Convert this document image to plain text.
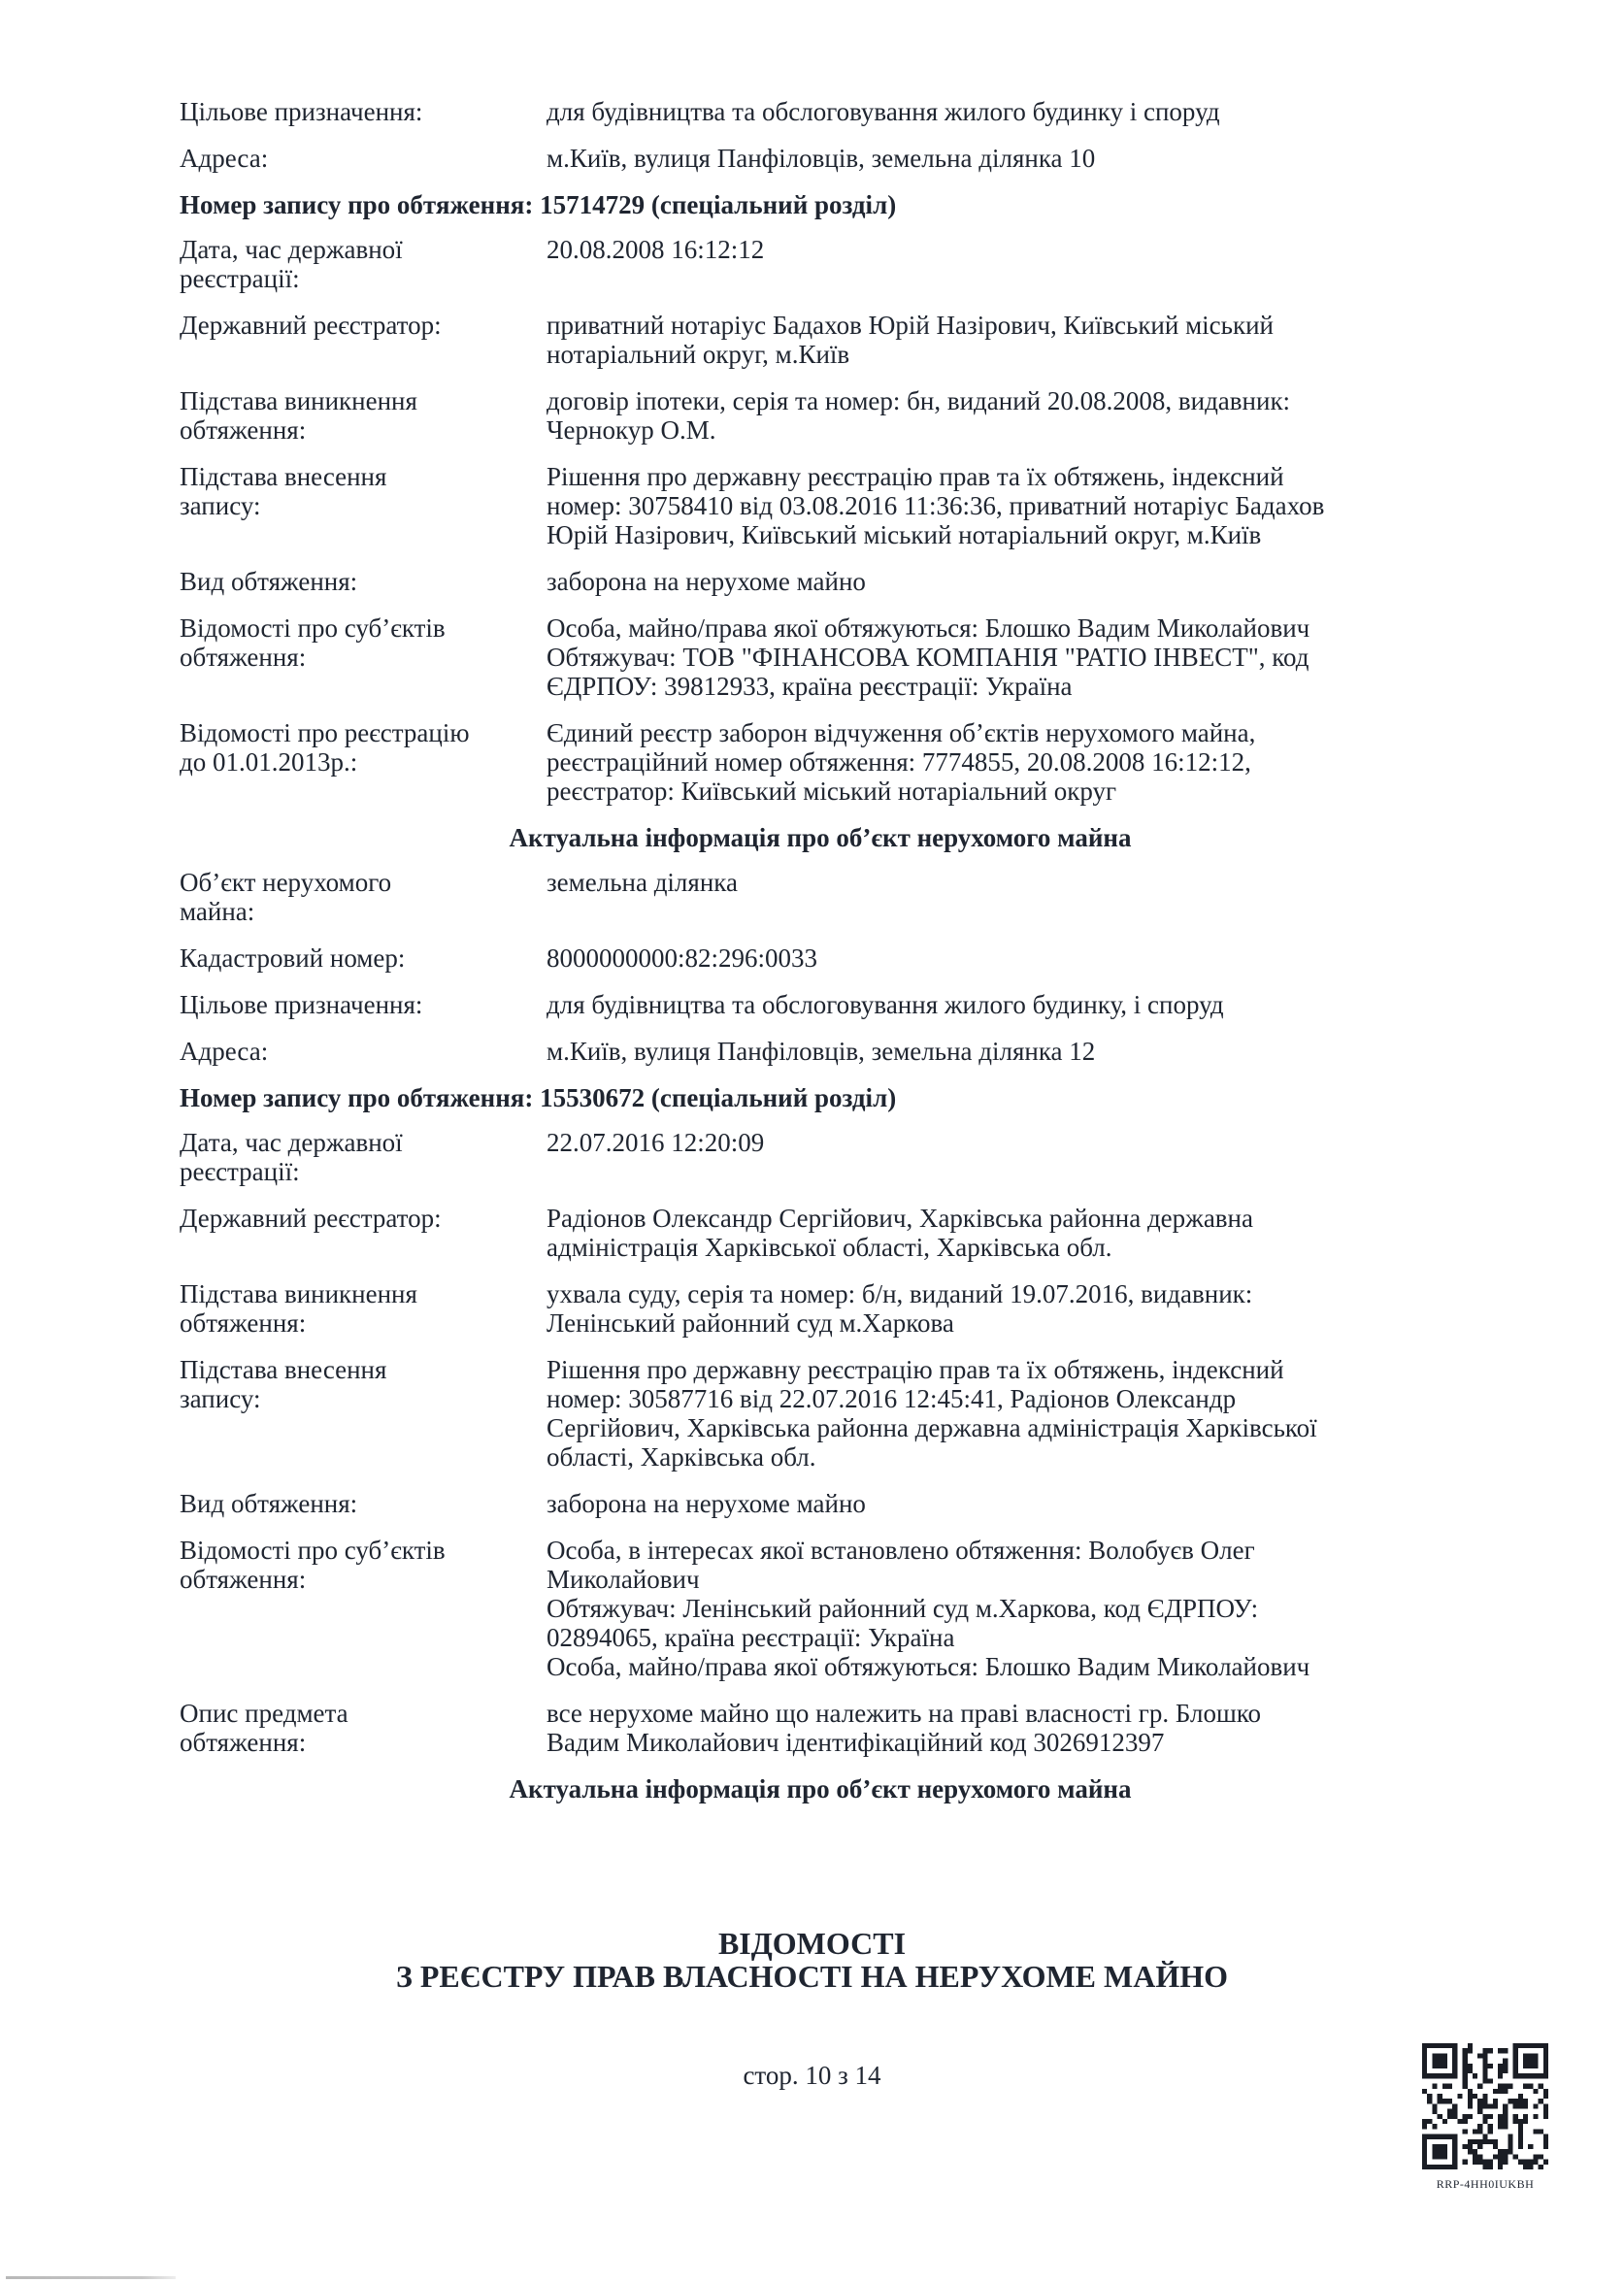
Цільове призначення:	для будівництва та обслоговування жилого будинку і споруд
Адреса:	м.Київ, вулиця Панфіловців, земельна ділянка 10
Номер запису про обтяження: 15714729 (спеціальний розділ)
Дата, час державної
реєстрації:
20.08.2008 16:12:12
Державний реєстратор:	приватний нотаріус Бадахов Юрій Назірович, Київський міський
нотаріальний округ, м.Київ
Підстава виникнення
обтяження:
договір іпотеки, серія та номер: бн, виданий 20.08.2008, видавник:
Чернокур О.М.
Підстава внесення
запису:
Рішення про державну реєстрацію прав та їх обтяжень, індексний
номер: 30758410 від 03.08.2016 11:36:36, приватний нотаріус Бадахов
Юрій Назірович, Київський міський нотаріальний округ, м.Київ
Вид обтяження:	заборона на нерухоме майно
Відомості про суб’єктів
обтяження:
Особа, майно/права якої обтяжуються: Блошко Вадим Миколайович
Обтяжувач: ТОВ "ФІНАНСОВА КОМПАНІЯ "РАТІО ІНВЕСТ", код
ЄДРПОУ: 39812933, країна реєстрації: Україна
Відомості про реєстрацію
до 01.01.2013р.:
Єдиний реєстр заборон відчуження об’єктів нерухомого майна,
реєстраційний номер обтяження: 7774855, 20.08.2008 16:12:12,
реєстратор: Київський міський нотаріальний округ
Актуальна інформація про об’єкт нерухомого майна
Об’єкт нерухомого
майна:
земельна ділянка
Кадастровий номер:	8000000000:82:296:0033
Цільове призначення:	для будівництва та обслоговування жилого будинку, і споруд
Адреса:	м.Київ, вулиця Панфіловців, земельна ділянка 12
Номер запису про обтяження: 15530672 (спеціальний розділ)
Дата, час державної
реєстрації:
22.07.2016 12:20:09
Державний реєстратор:	Радіонов Олександр Сергійович, Харківська районна державна
адміністрація Харківської області, Харківська обл.
Підстава виникнення
обтяження:
ухвала суду, серія та номер: б/н, виданий 19.07.2016, видавник:
Ленінський районний суд м.Харкова
Підстава внесення
запису:
Рішення про державну реєстрацію прав та їх обтяжень, індексний
номер: 30587716 від 22.07.2016 12:45:41, Радіонов Олександр
Сергійович, Харківська районна державна адміністрація Харківської
області, Харківська обл.
Вид обтяження:	заборона на нерухоме майно
Відомості про суб’єктів
обтяження:
Особа, в інтересах якої встановлено обтяження: Волобуєв Олег
Миколайович
Обтяжувач: Ленінський районний суд м.Харкова, код ЄДРПОУ:
02894065, країна реєстрації: Україна
Особа, майно/права якої обтяжуються: Блошко Вадим Миколайович
Опис предмета
обтяження:
все нерухоме майно що належить на праві власності гр. Блошко
Вадим Миколайович ідентифікаційний код 3026912397
Актуальна інформація про об’єкт нерухомого майна
ВІДОМОСТІ
З РЕЄСТРУ ПРАВ ВЛАСНОСТІ НА НЕРУХОМЕ МАЙНО
стор. 10 з 14
RRP-4HH0IUKBH
